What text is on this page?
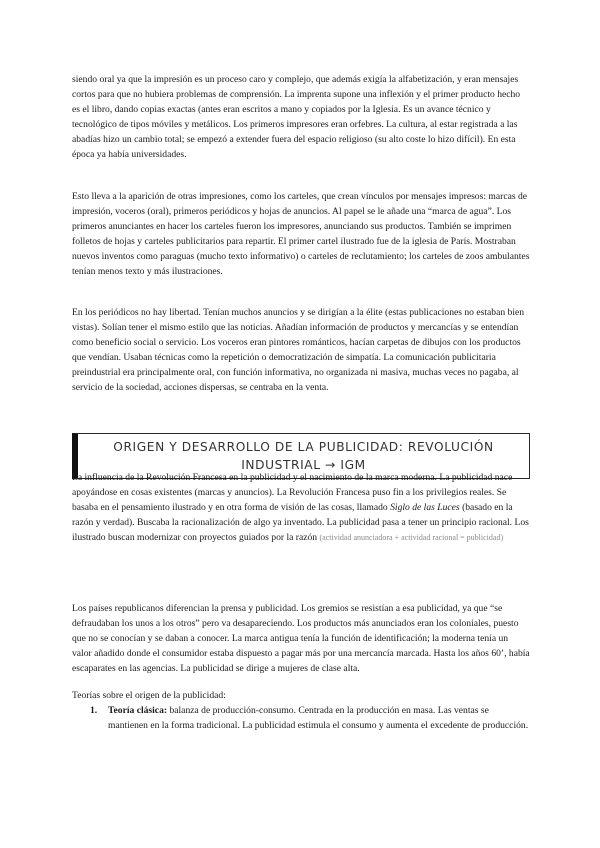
siendo oral ya que la impresión es un proceso caro y complejo, que además exigía la alfabetización, y eran mensajes cortos para que no hubiera problemas de comprensión. La imprenta supone una inflexión y el primer producto hecho es el libro, dando copias exactas (antes eran escritos a mano y copiados por la Iglesia. Es un avance técnico y tecnológico de tipos móviles y metálicos. Los primeros impresores eran orfebres. La cultura, al estar registrada a las abadías hizo un cambio total; se empezó a extender fuera del espacio religioso (su alto coste lo hizo difícil). En esta época ya había universidades.

Esto lleva a la aparición de otras impresiones, como los carteles, que crean vínculos por mensajes impresos: marcas de impresión, voceros (oral), primeros periódicos y hojas de anuncios. Al papel se le añade una “marca de agua”. Los primeros anunciantes en hacer los carteles fueron los impresores, anunciando sus productos. También se imprimen folletos de hojas y carteles publicitarios para repartir. El primer cartel ilustrado fue de la iglesia de París. Mostraban nuevos inventos como paraguas (mucho texto informativo) o carteles de reclutamiento; los carteles de zoos ambulantes tenían menos texto y más ilustraciones.

En los periódicos no hay libertad. Tenían muchos anuncios y se dirigían a la élite (estas publicaciones no estaban bien vistas). Solían tener el mismo estilo que las noticias. Añadían información de productos y mercancías y se entendían como beneficio social o servicio. Los voceros eran pintores románticos, hacían carpetas de dibujos con los productos que vendían. Usaban técnicas como la repetición o democratización de simpatía. La comunicación publicitaria preindustrial era principalmente oral, con función informativa, no organizada ni masiva, muchas veces no pagaba, al servicio de la sociedad, acciones dispersas, se centraba en la venta.

ORIGEN Y DESARROLLO DE LA PUBLICIDAD: REVOLUCIÓN
INDUSTRIAL → IGM

La influencia de la Revolución Francesa en la publicidad y el nacimiento de la marca moderna. La publicidad nace apoyándose en cosas existentes (marcas y anuncios). La Revolución Francesa puso fin a los privilegios reales. Se basaba en el pensamiento ilustrado y en otra forma de visión de las cosas, llamado Siglo de las Luces (basado en la razón y verdad). Buscaba la racionalización de algo ya inventado. La publicidad pasa a tener un principio racional. Los ilustrado buscan modernizar con proyectos guiados por la razón (actividad anunciadora + actividad racional = publicidad)

Los países republicanos diferencian la prensa y publicidad. Los gremios se resistían a esa publicidad, ya que “se defraudaban los unos a los otros” pero va desapareciendo. Los productos más anunciados eran los coloniales, puesto que no se conocían y se daban a conocer. La marca antigua tenía la función de identificación; la moderna tenía un valor añadido donde el consumidor estaba dispuesto a pagar más por una mercancía marcada. Hasta los años 60’, había escaparates en las agencias. La publicidad se dirige a mujeres de clase alta.

Teorías sobre el origen de la publicidad:
1. Teoría clásica: balanza de producción-consumo. Centrada en la producción en masa. Las ventas se mantienen en la forma tradicional. La publicidad estimula el consumo y aumenta el excedente de producción.
